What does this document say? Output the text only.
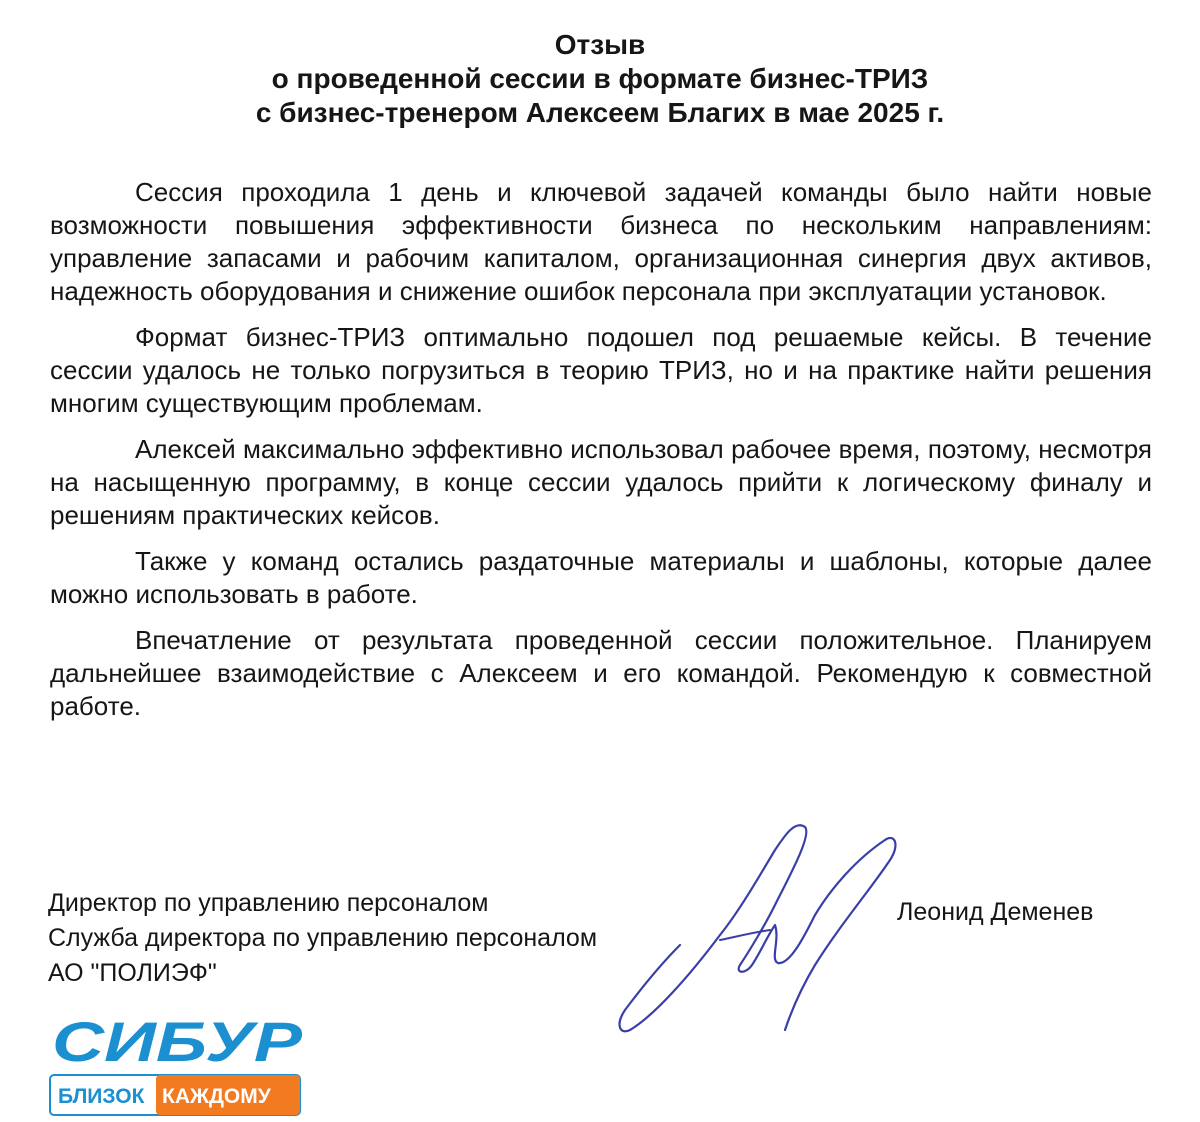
Отзыв
о проведенной сессии в формате бизнес-ТРИЗ
с бизнес-тренером Алексеем Благих в мае 2025 г.

Сессия проходила 1 день и ключевой задачей команды было найти новые возможности повышения эффективности бизнеса по нескольким направлениям: управление запасами и рабочим капиталом, организационная синергия двух активов, надежность оборудования и снижение ошибок персонала при эксплуатации установок.

Формат бизнес-ТРИЗ оптимально подошел под решаемые кейсы. В течение сессии удалось не только погрузиться в теорию ТРИЗ, но и на практике найти решения многим существующим проблемам.

Алексей максимально эффективно использовал рабочее время, поэтому, несмотря на насыщенную программу, в конце сессии удалось прийти к логическому финалу и решениям практических кейсов.

Также у команд остались раздаточные материалы и шаблоны, которые далее можно использовать в работе.

Впечатление от результата проведенной сессии положительное. Планируем дальнейшее взаимодействие с Алексеем и его командой. Рекомендую к совместной работе.

Директор по управлению персоналом
Служба директора по управлению персоналом
АО "ПОЛИЭФ"
Леонид Деменев
СИБУР
БЛИЗОК КАЖДОМУ
